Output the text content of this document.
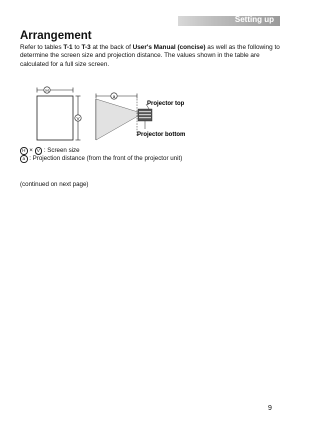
Setting up
Arrangement
Refer to tables T-1 to T-3 at the back of User's Manual (concise) as well as the following to determine the screen size and projection distance. The values shown in the table are calculated for a full size screen.
H
V
a
Projector top
Projector bottom
H × V : Screen size
a : Projection distance (from the front of the projector unit)
(continued on next page)
9
